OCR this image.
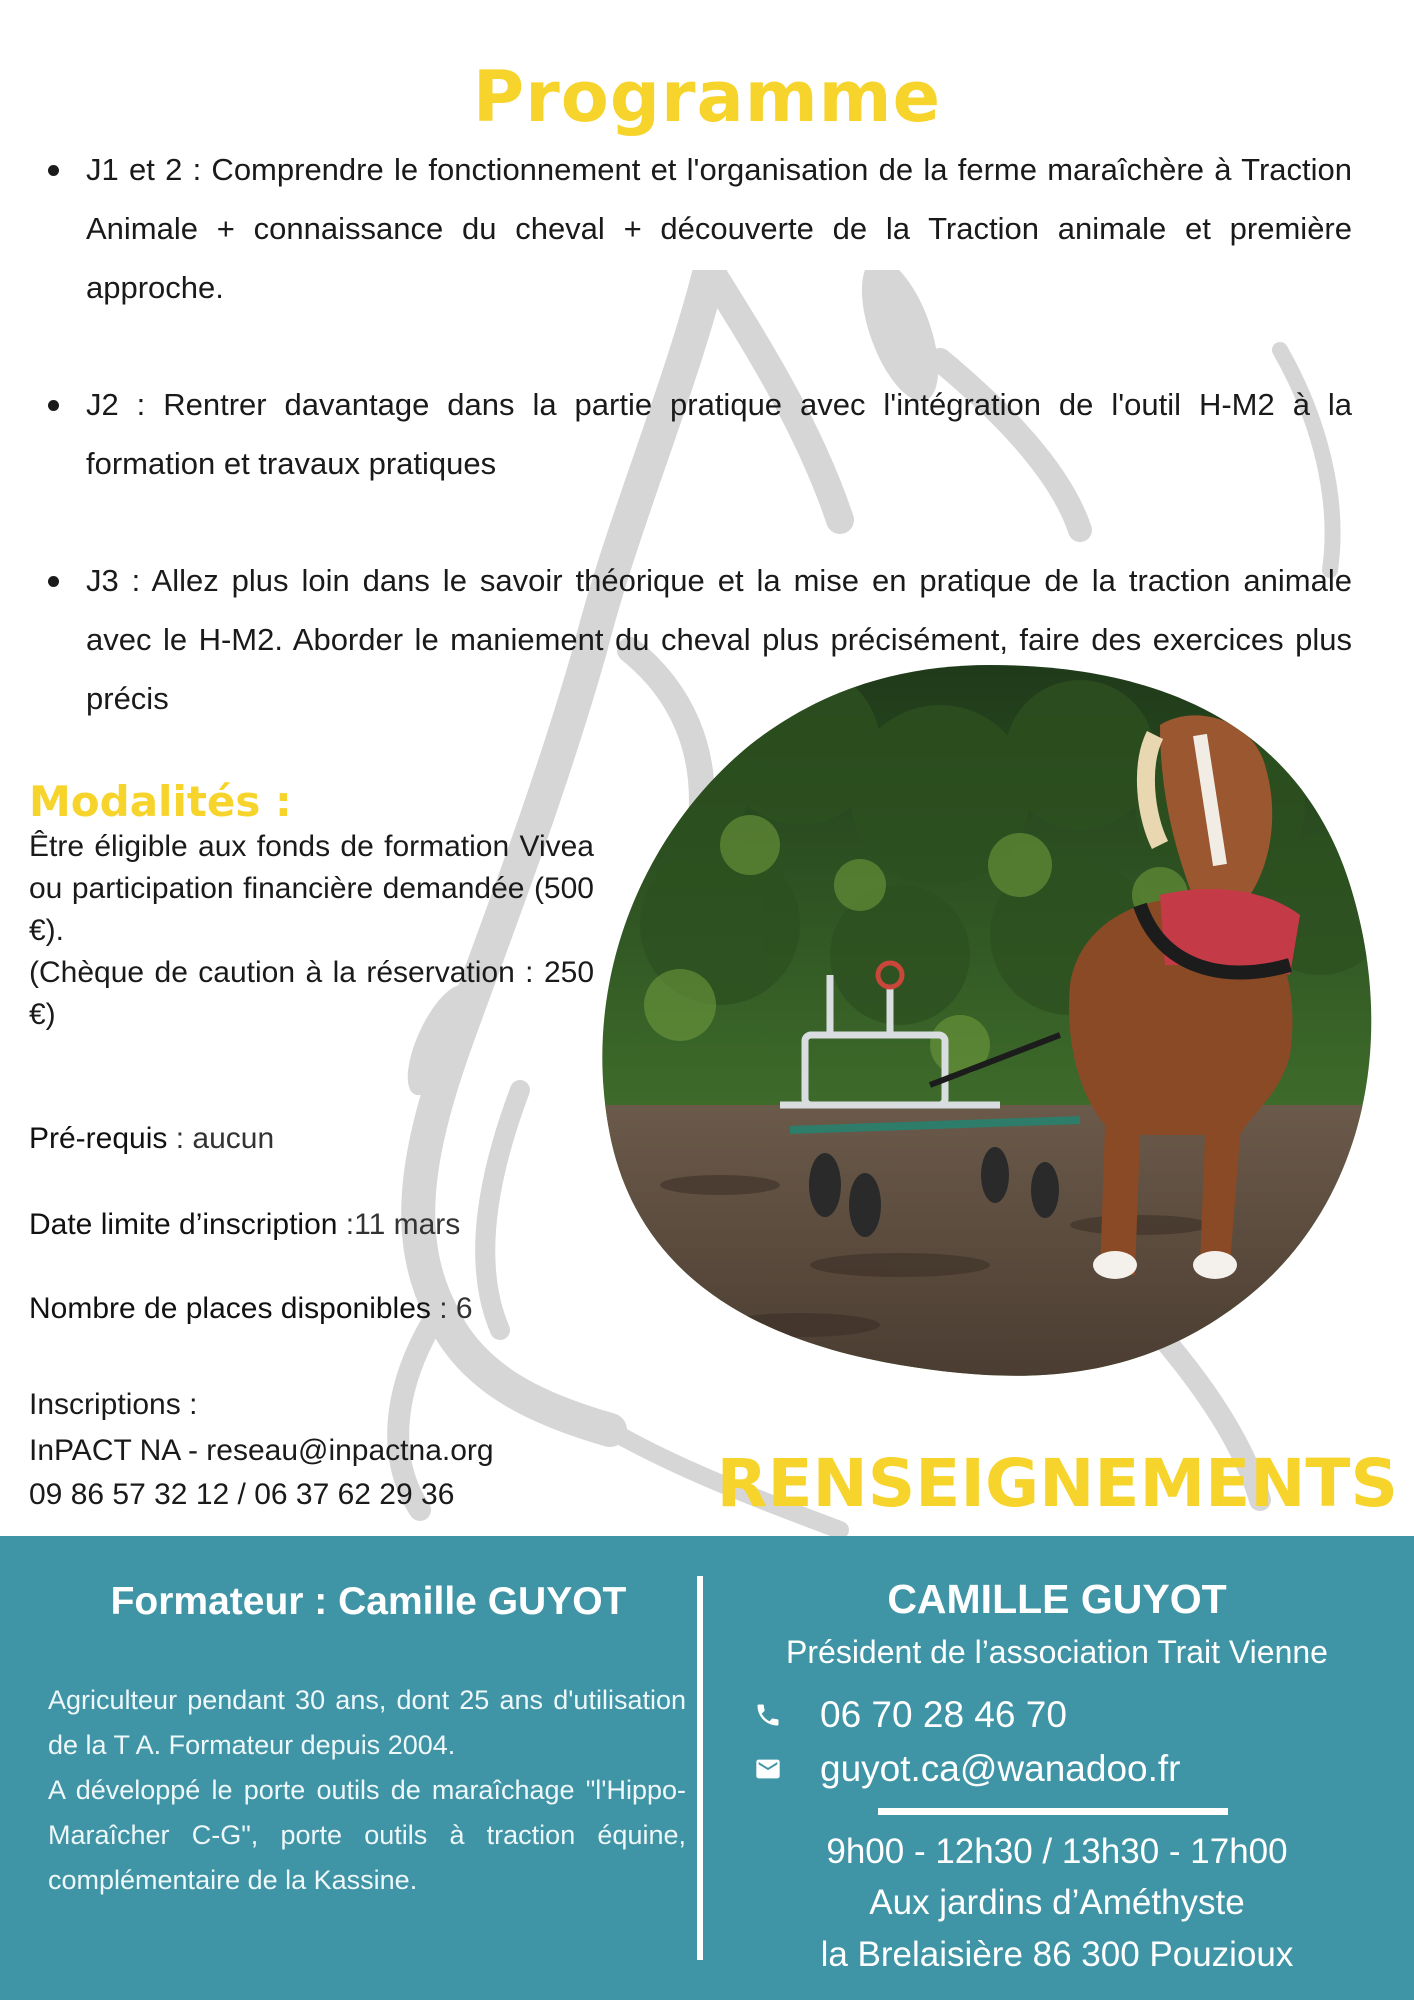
Programme
J1 et 2 : Comprendre le fonctionnement et l'organisation de la ferme maraîchère à Traction Animale + connaissance du cheval + découverte de la Traction animale et première approche.
J2 : Rentrer davantage dans la partie pratique avec l'intégration de l'outil H-M2 à la formation et travaux pratiques
J3 : Allez plus loin dans le savoir théorique et la mise en pratique de la traction animale avec le H-M2. Aborder le maniement du cheval plus précisément, faire des exercices plus précis
Modalités :

Être éligible aux fonds de formation Vivea ou participation financière demandée (500 €).

(Chèque de caution à la réservation : 250 €)

Pré-requis : aucun
Date limite d’inscription :11 mars
Nombre de places disponibles : 6
Inscriptions :
InPACT NA - reseau@inpactna.org
09 86 57 32 12 / 06 37 62 29 36	RENSEIGNEMENTS
Formateur : Camille GUYOT

Agriculteur pendant 30 ans, dont 25 ans d'utilisation de la T A. Formateur depuis 2004.

A développé le porte outils de maraîchage "l'Hippo-Maraîcher C-G", porte outils à traction équine, complémentaire de la Kassine.

CAMILLE GUYOT
Président de l’association Trait Vienne
06 70 28 46 70
guyot.ca@wanadoo.fr
9h00 - 12h30 / 13h30 - 17h00
Aux jardins d’Améthyste
la Brelaisière 86 300 Pouzioux
